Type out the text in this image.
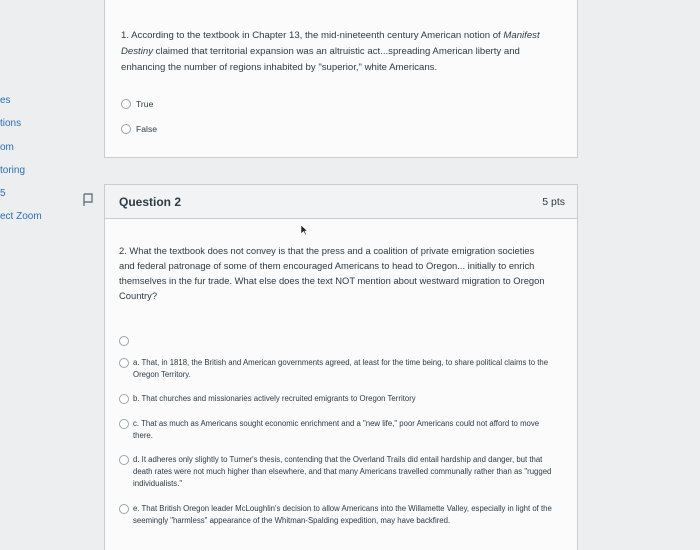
es
tions
om
toring
5
ect Zoom
1. According to the textbook in Chapter 13, the mid-nineteenth century American notion of Manifest Destiny claimed that territorial expansion was an altruistic act...spreading American liberty and enhancing the number of regions inhabited by "superior," white Americans.
True
False
Question 2	5 pts
2. What the textbook does not convey is that the press and a coalition of private emigration societies and federal patronage of some of them encouraged Americans to head to Oregon... initially to enrich themselves in the fur trade. What else does the text NOT mention about westward migration to Oregon Country?
a. That, in 1818, the British and American governments agreed, at least for the time being, to share political claims to the Oregon Territory.
b. That churches and missionaries actively recruited emigrants to Oregon Territory
c. That as much as Americans sought economic enrichment and a "new life," poor Americans could not afford to move there.
d. It adheres only slightly to Turner's thesis, contending that the Overland Trails did entail hardship and danger, but that death rates were not much higher than elsewhere, and that many Americans travelled communally rather than as "rugged individualists."
e. That British Oregon leader McLoughlin's decision to allow Americans into the Willamette Valley, especially in light of the seemingly "harmless" appearance of the Whitman-Spalding expedition, may have backfired.
